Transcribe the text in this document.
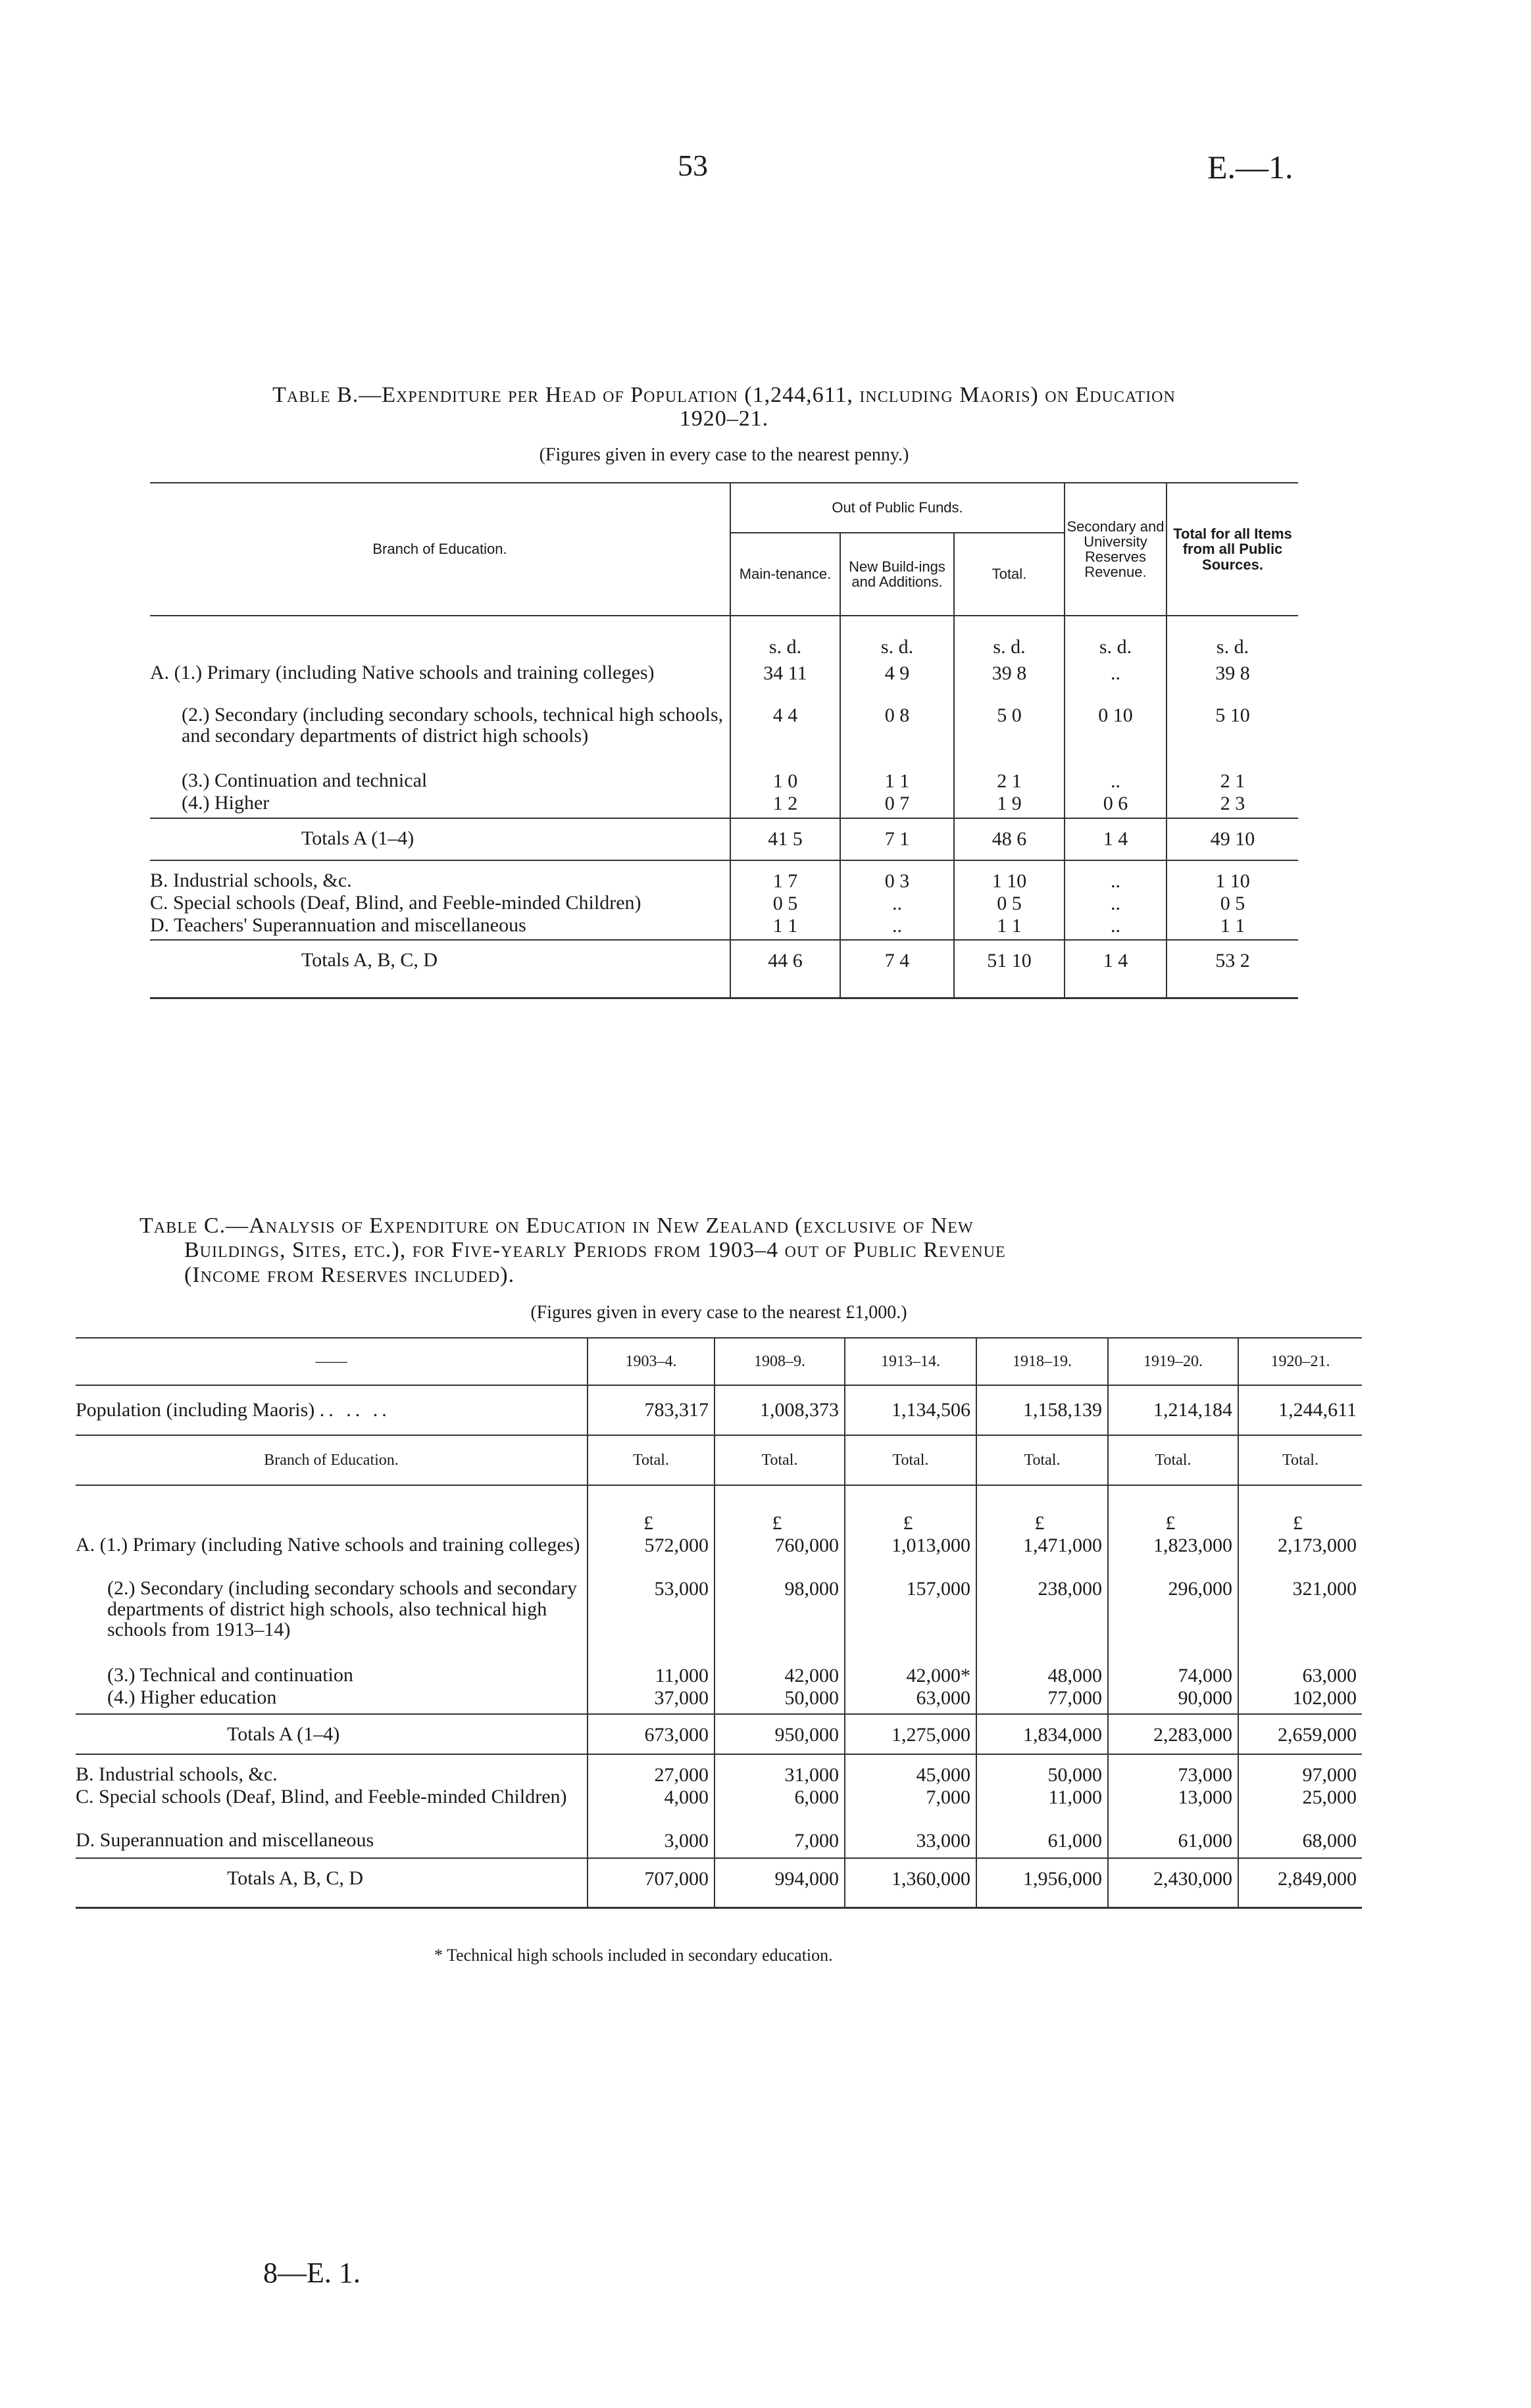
53	E.—1.
Table B.—Expenditure per Head of Population (1,244,611, including Maoris) on Education
1920–21.
(Figures given in every case to the nearest penny.)
Branch of Education.	Out of Public Funds.			Secondary and University Reserves Revenue.	Total for all Items from all Public Sources.
	Main-tenance.	New Build-ings and Additions.	Total.		
	s. d.	s. d.	s. d.	s. d.	s. d.
A. (1.) Primary (including Native schools and training colleges)	34 11	4 9	39 8	..	39 8
(2.) Secondary (including secondary schools, technical high schools, and secondary departments of district high schools)	4 4	0 8	5 0	0 10	5 10
(3.) Continuation and technical	1 0	1 1	2 1	..	2 1
(4.) Higher	1 2	0 7	1 9	0 6	2 3
Totals A (1–4)	41 5	7 1	48 6	1 4	49 10
B. Industrial schools, &c.	1 7	0 3	1 10	..	1 10
C. Special schools (Deaf, Blind, and Feeble-minded Children)	0 5	..	0 5	..	0 5
D. Teachers' Superannuation and miscellaneous	1 1	..	1 1	..	1 1
Totals A, B, C, D	44 6	7 4	51 10	1 4	53 2
Table C.—Analysis of Expenditure on Education in New Zealand (exclusive of New
Buildings, Sites, etc.), for Five-yearly Periods from 1903–4 out of Public Revenue
(Income from Reserves included).
(Figures given in every case to the nearest £1,000.)
——	1903–4.	1908–9.	1913–14.	1918–19.	1919–20.	1920–21.
Population (including Maoris) .. .. ..	783,317	1,008,373	1,134,506	1,158,139	1,214,184	1,244,611
Branch of Education.	Total.	Total.	Total.	Total.	Total.	Total.
	£	£	£	£	£	£
A. (1.) Primary (including Native schools and training colleges)	572,000	760,000	1,013,000	1,471,000	1,823,000	2,173,000
(2.) Secondary (including secondary schools and secondary departments of district high schools, also technical high schools from 1913–14)	53,000	98,000	157,000	238,000	296,000	321,000
(3.) Technical and continuation	11,000	42,000	42,000*	48,000	74,000	63,000
(4.) Higher education	37,000	50,000	63,000	77,000	90,000	102,000
Totals A (1–4)	673,000	950,000	1,275,000	1,834,000	2,283,000	2,659,000
B. Industrial schools, &c.	27,000	31,000	45,000	50,000	73,000	97,000
C. Special schools (Deaf, Blind, and Feeble-minded Children)	4,000	6,000	7,000	11,000	13,000	25,000
D. Superannuation and miscellaneous	3,000	7,000	33,000	61,000	61,000	68,000
Totals A, B, C, D	707,000	994,000	1,360,000	1,956,000	2,430,000	2,849,000
* Technical high schools included in secondary education.
8—E. 1.
